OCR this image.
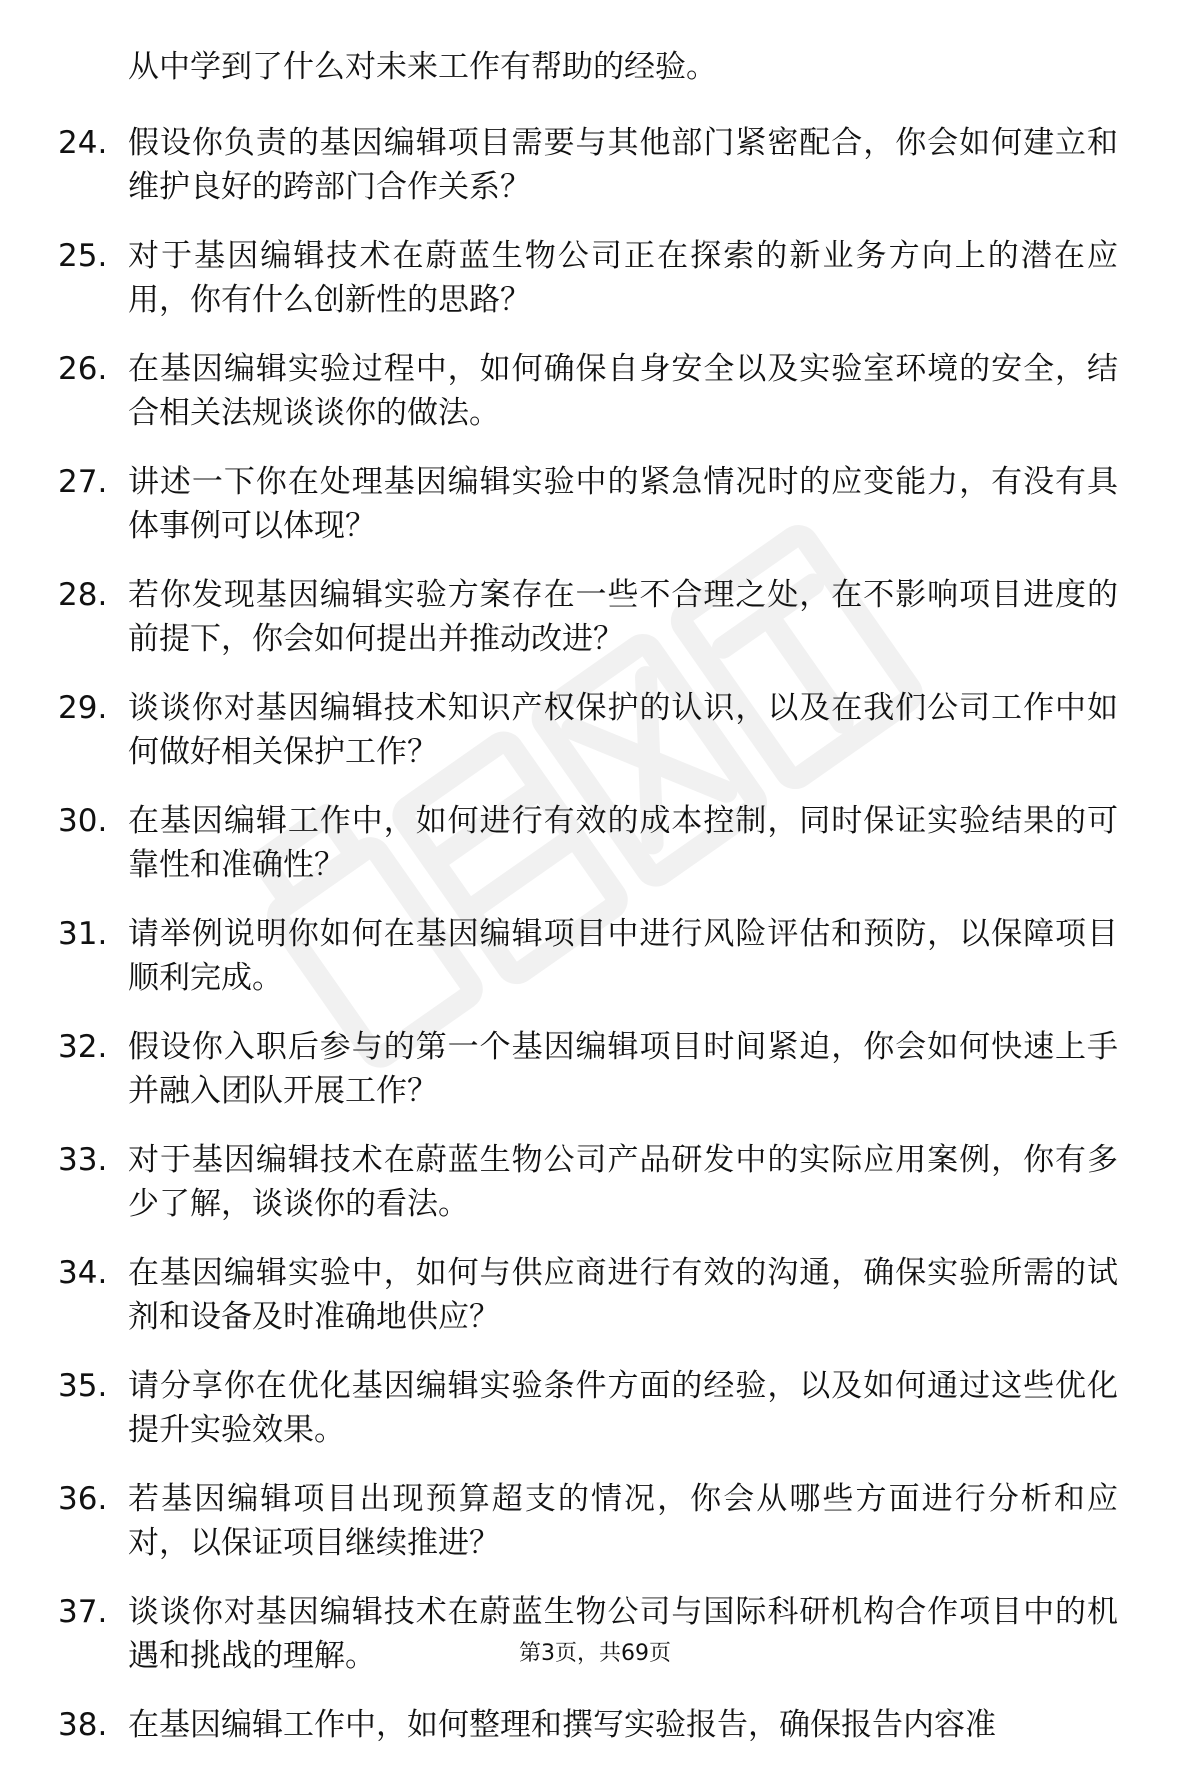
从中学到了什么对未来工作有帮助的经验。
24. 假设你负责的基因编辑项目需要与其他部门紧密配合，你会如何建立和维护良好的跨部门合作关系？
25. 对于基因编辑技术在蔚蓝生物公司正在探索的新业务方向上的潜在应用，你有什么创新性的思路？
26. 在基因编辑实验过程中，如何确保自身安全以及实验室环境的安全，结合相关法规谈谈你的做法。
27. 讲述一下你在处理基因编辑实验中的紧急情况时的应变能力，有没有具体事例可以体现？
28. 若你发现基因编辑实验方案存在一些不合理之处，在不影响项目进度的前提下，你会如何提出并推动改进？
29. 谈谈你对基因编辑技术知识产权保护的认识，以及在我们公司工作中如何做好相关保护工作？
30. 在基因编辑工作中，如何进行有效的成本控制，同时保证实验结果的可靠性和准确性？
31. 请举例说明你如何在基因编辑项目中进行风险评估和预防，以保障项目顺利完成。
32. 假设你入职后参与的第一个基因编辑项目时间紧迫，你会如何快速上手并融入团队开展工作？
33. 对于基因编辑技术在蔚蓝生物公司产品研发中的实际应用案例，你有多少了解，谈谈你的看法。
34. 在基因编辑实验中，如何与供应商进行有效的沟通，确保实验所需的试剂和设备及时准确地供应？
35. 请分享你在优化基因编辑实验条件方面的经验，以及如何通过这些优化提升实验效果。
36. 若基因编辑项目出现预算超支的情况，你会从哪些方面进行分析和应对，以保证项目继续推进？
37. 谈谈你对基因编辑技术在蔚蓝生物公司与国际科研机构合作项目中的机遇和挑战的理解。
38. 在基因编辑工作中，如何整理和撰写实验报告，确保报告内容准
第3页，共69页
